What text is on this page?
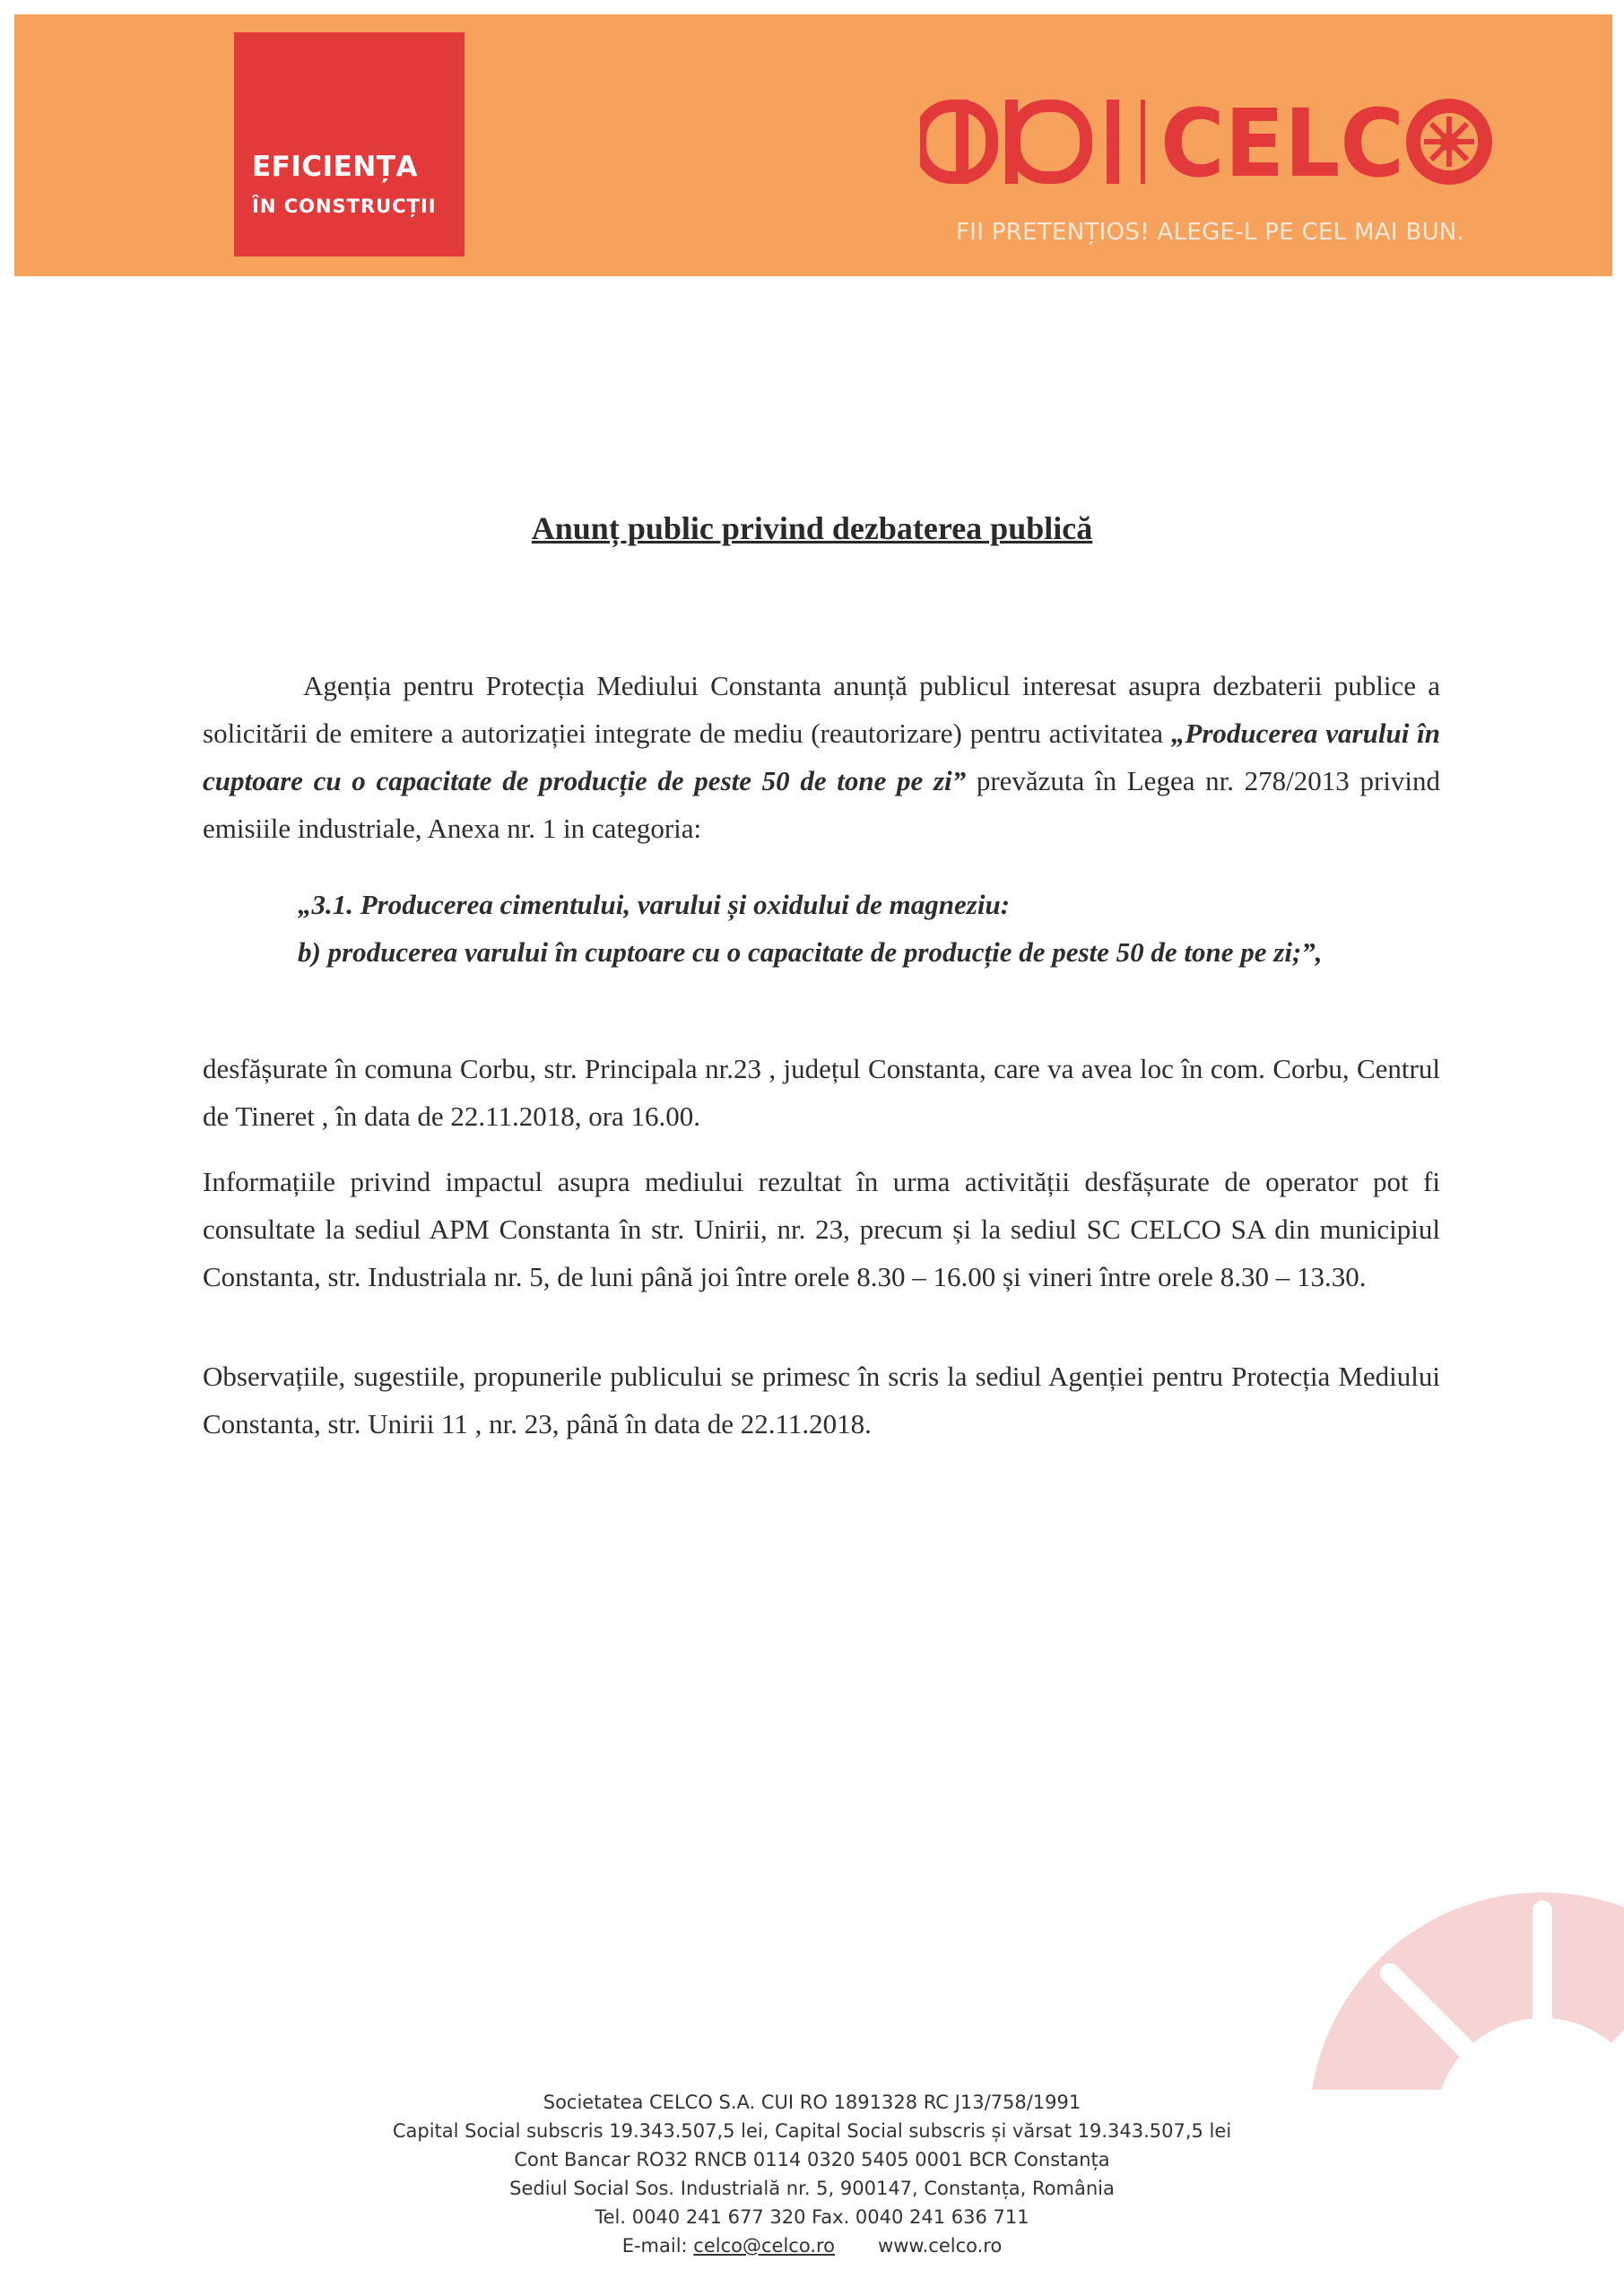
EFICIENȚA
ÎN CONSTRUCȚII
CELC
FII PRETENȚIOS! ALEGE-L PE CEL MAI BUN.
Anunț public privind dezbaterea publică
Agenția pentru Protecția Mediului Constanta anunță publicul interesat asupra dezbaterii publice a solicitării de emitere a autorizației integrate de mediu (reautorizare) pentru activitatea „Producerea varului în cuptoare cu o capacitate de producție de peste 50 de tone pe zi” prevăzuta în Legea nr. 278/2013 privind emisiile industriale, Anexa nr. 1 in categoria:
„3.1. Producerea cimentului, varului și oxidului de magneziu:
b) producerea varului în cuptoare cu o capacitate de producție de peste 50 de tone pe zi;”,
desfășurate în comuna Corbu, str. Principala nr.23 , județul Constanta, care va avea loc în com. Corbu, Centrul de Tineret , în data de 22.11.2018, ora 16.00.
Informațiile privind impactul asupra mediului rezultat în urma activității desfășurate de operator pot fi consultate la sediul APM Constanta în str. Unirii, nr. 23, precum și la sediul SC CELCO SA din municipiul Constanta, str. Industriala nr. 5, de luni până joi între orele 8.30 – 16.00 și vineri între orele 8.30 – 13.30.
Observațiile, sugestiile, propunerile publicului se primesc în scris la sediul Agenției pentru Protecția Mediului Constanta, str. Unirii 11 , nr. 23, până în data de 22.11.2018.
Societatea CELCO S.A. CUI RO 1891328 RC J13/758/1991
Capital Social subscris 19.343.507,5 lei, Capital Social subscris și vărsat 19.343.507,5 lei
Cont Bancar RO32 RNCB 0114 0320 5405 0001 BCR Constanța
Sediul Social Sos. Industrială nr. 5, 900147, Constanța, România
Tel. 0040 241 677 320 Fax. 0040 241 636 711
E-mail: celco@celco.ro www.celco.ro
